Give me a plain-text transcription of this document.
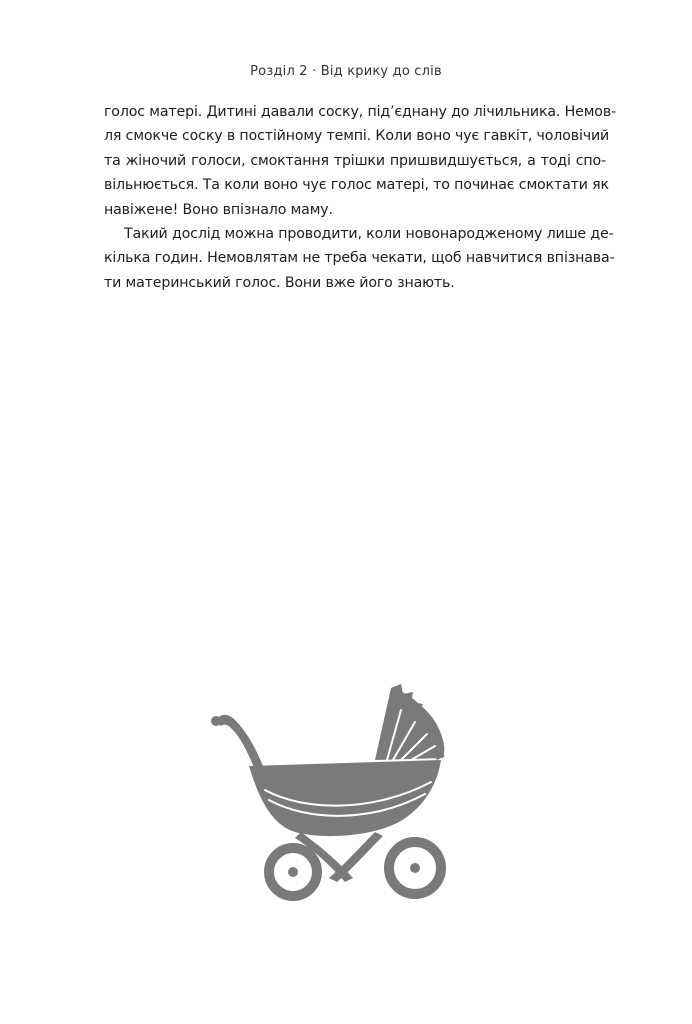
Розділ 2 · Від крику до слів
голос матері. Дитині давали соску, під’єднану до лічильника. Немов-
ля смокче соску в постійному темпі. Коли воно чує гавкіт, чоловічий
та жіночий голоси, смоктання трішки пришвидшується, а тоді спо-
вільнюється. Та коли воно чує голос матері, то починає смоктати як
навіжене! Воно впізнало маму.
Такий дослід можна проводити, коли новонародженому лише де-
кілька годин. Немовлятам не треба чекати, щоб навчитися впізнава-
ти материнський голос. Вони вже його знають.
